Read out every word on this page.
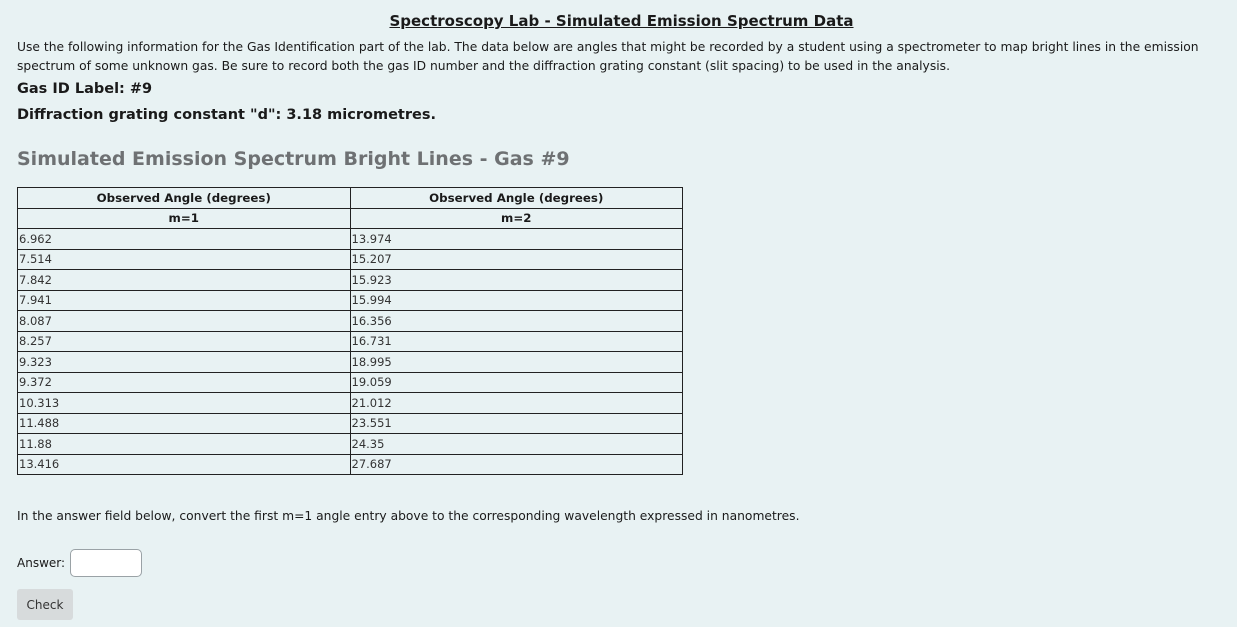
Spectroscopy Lab - Simulated Emission Spectrum Data
Use the following information for the Gas Identification part of the lab. The data below are angles that might be recorded by a student using a spectrometer to map bright lines in the emission spectrum of some unknown gas. Be sure to record both the gas ID number and the diffraction grating constant (slit spacing) to be used in the analysis.
Gas ID Label: #9
Diffraction grating constant "d": 3.18 micrometres.
Simulated Emission Spectrum Bright Lines - Gas #9
Observed Angle (degrees)	Observed Angle (degrees)
m=1	m=2
6.962	13.974
7.514	15.207
7.842	15.923
7.941	15.994
8.087	16.356
8.257	16.731
9.323	18.995
9.372	19.059
10.313	21.012
11.488	23.551
11.88	24.35
13.416	27.687
In the answer field below, convert the first m=1 angle entry above to the corresponding wavelength expressed in nanometres.
Answer:
Check
